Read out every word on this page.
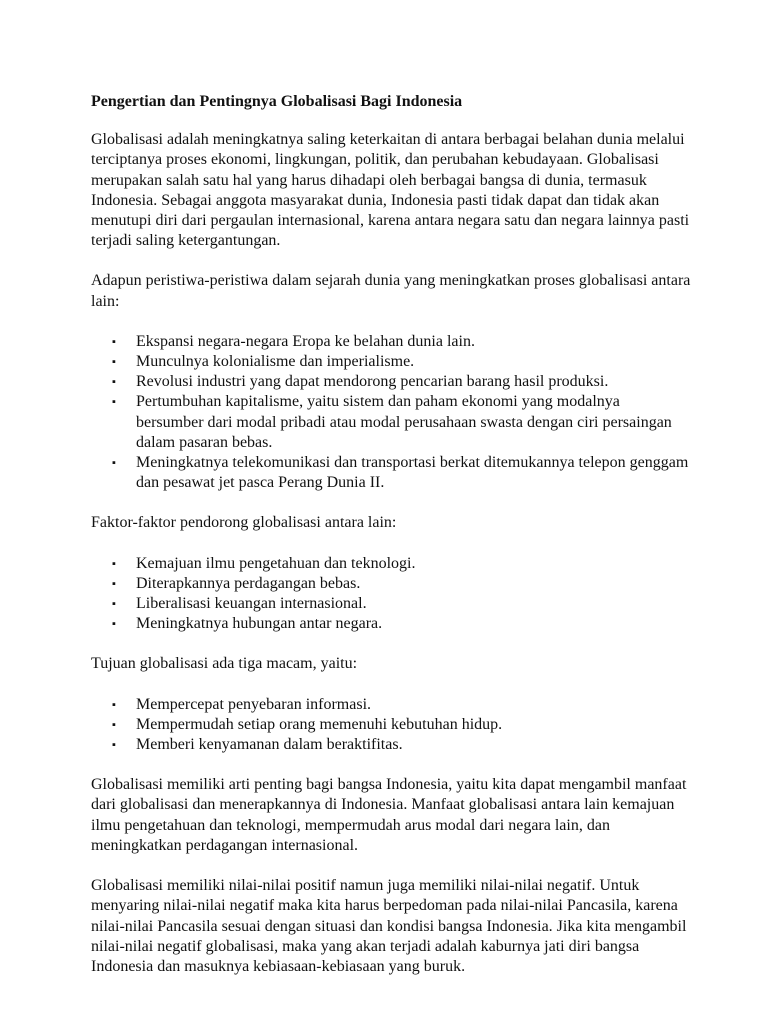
Pengertian dan Pentingnya Globalisasi Bagi Indonesia

Globalisasi adalah meningkatnya saling keterkaitan di antara berbagai belahan dunia melalui terciptanya proses ekonomi, lingkungan, politik, dan perubahan kebudayaan. Globalisasi merupakan salah satu hal yang harus dihadapi oleh berbagai bangsa di dunia, termasuk Indonesia. Sebagai anggota masyarakat dunia, Indonesia pasti tidak dapat dan tidak akan menutupi diri dari pergaulan internasional, karena antara negara satu dan negara lainnya pasti terjadi saling ketergantungan.

Adapun peristiwa-peristiwa dalam sejarah dunia yang meningkatkan proses globalisasi antara lain:

▪ Ekspansi negara-negara Eropa ke belahan dunia lain.
▪ Munculnya kolonialisme dan imperialisme.
▪ Revolusi industri yang dapat mendorong pencarian barang hasil produksi.
▪ Pertumbuhan kapitalisme, yaitu sistem dan paham ekonomi yang modalnya bersumber dari modal pribadi atau modal perusahaan swasta dengan ciri persaingan dalam pasaran bebas.
▪ Meningkatnya telekomunikasi dan transportasi berkat ditemukannya telepon genggam dan pesawat jet pasca Perang Dunia II.

Faktor-faktor pendorong globalisasi antara lain:

▪ Kemajuan ilmu pengetahuan dan teknologi.
▪ Diterapkannya perdagangan bebas.
▪ Liberalisasi keuangan internasional.
▪ Meningkatnya hubungan antar negara.

Tujuan globalisasi ada tiga macam, yaitu:

▪ Mempercepat penyebaran informasi.
▪ Mempermudah setiap orang memenuhi kebutuhan hidup.
▪ Memberi kenyamanan dalam beraktifitas.

Globalisasi memiliki arti penting bagi bangsa Indonesia, yaitu kita dapat mengambil manfaat dari globalisasi dan menerapkannya di Indonesia. Manfaat globalisasi antara lain kemajuan ilmu pengetahuan dan teknologi, mempermudah arus modal dari negara lain, dan meningkatkan perdagangan internasional.

Globalisasi memiliki nilai-nilai positif namun juga memiliki nilai-nilai negatif. Untuk menyaring nilai-nilai negatif maka kita harus berpedoman pada nilai-nilai Pancasila, karena nilai-nilai Pancasila sesuai dengan situasi dan kondisi bangsa Indonesia. Jika kita mengambil nilai-nilai negatif globalisasi, maka yang akan terjadi adalah kaburnya jati diri bangsa Indonesia dan masuknya kebiasaan-kebiasaan yang buruk.
